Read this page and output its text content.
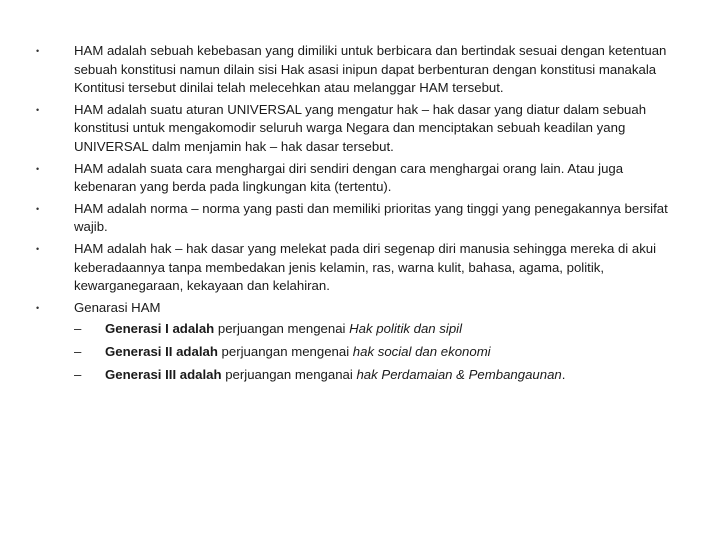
•	HAM adalah sebuah kebebasan yang dimiliki untuk berbicara dan bertindak sesuai dengan ketentuan sebuah konstitusi namun dilain sisi Hak asasi inipun dapat berbenturan dengan konstitusi manakala Kontitusi tersebut dinilai telah melecehkan atau melanggar HAM tersebut.
•	HAM adalah suatu aturan UNIVERSAL yang mengatur hak – hak dasar yang diatur dalam sebuah konstitusi untuk mengakomodir seluruh warga Negara dan menciptakan sebuah keadilan yang UNIVERSAL dalm menjamin hak – hak dasar tersebut.
•	HAM adalah suata cara menghargai diri sendiri dengan cara menghargai orang lain. Atau juga kebenaran yang berda pada lingkungan kita (tertentu).
•	HAM adalah norma – norma yang pasti dan memiliki prioritas yang tinggi yang penegakannya bersifat wajib.
•	HAM adalah hak – hak dasar yang melekat pada diri segenap diri manusia sehingga mereka di akui keberadaannya tanpa membedakan jenis kelamin, ras, warna kulit, bahasa, agama, politik, kewarganegaraan, kekayaan dan kelahiran.
•	Genarasi HAM
– Generasi I adalah perjuangan mengenai Hak politik dan sipil
– Generasi II adalah perjuangan mengenai hak social dan ekonomi
– Generasi III adalah perjuangan menganai hak Perdamaian & Pembangaunan.
